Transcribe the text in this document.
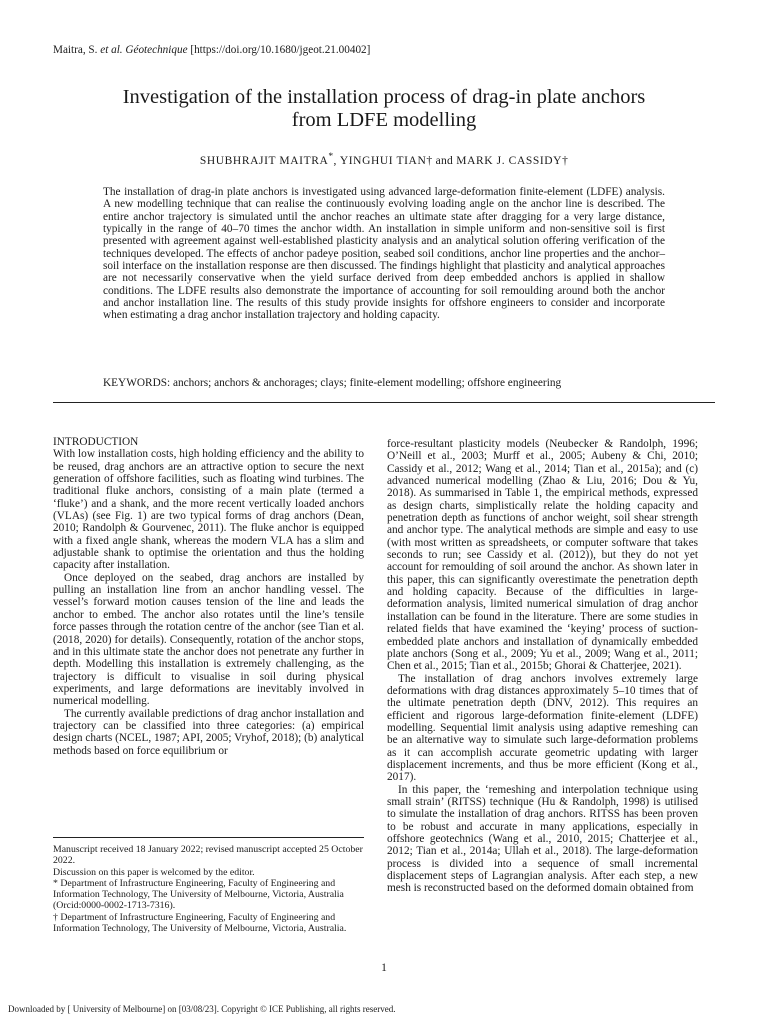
Maitra, S. et al. Géotechnique [https://doi.org/10.1680/jgeot.21.00402]
Investigation of the installation process of drag-in plate anchors
from LDFE modelling
SHUBHRAJIT MAITRA*, YINGHUI TIAN† and MARK J. CASSIDY†
The installation of drag-in plate anchors is investigated using advanced large-deformation finite-element (LDFE) analysis. A new modelling technique that can realise the continuously evolving loading angle on the anchor line is described. The entire anchor trajectory is simulated until the anchor reaches an ultimate state after dragging for a very large distance, typically in the range of 40–70 times the anchor width. An installation in simple uniform and non-sensitive soil is first presented with agreement against well-established plasticity analysis and an analytical solution offering verification of the techniques developed. The effects of anchor padeye position, seabed soil conditions, anchor line properties and the anchor–soil interface on the installation response are then discussed. The findings highlight that plasticity and analytical approaches are not necessarily conservative when the yield surface derived from deep embedded anchors is applied in shallow conditions. The LDFE results also demonstrate the importance of accounting for soil remoulding around both the anchor and anchor installation line. The results of this study provide insights for offshore engineers to consider and incorporate when estimating a drag anchor installation trajectory and holding capacity.
KEYWORDS: anchors; anchors & anchorages; clays; finite-element modelling; offshore engineering
INTRODUCTION

With low installation costs, high holding efficiency and the ability to be reused, drag anchors are an attractive option to secure the next generation of offshore facilities, such as floating wind turbines. The traditional fluke anchors, consisting of a main plate (termed a ‘fluke’) and a shank, and the more recent vertically loaded anchors (VLAs) (see Fig. 1) are two typical forms of drag anchors (Dean, 2010; Randolph & Gourvenec, 2011). The fluke anchor is equipped with a fixed angle shank, whereas the modern VLA has a slim and adjustable shank to optimise the orientation and thus the holding capacity after installation.

Once deployed on the seabed, drag anchors are installed by pulling an installation line from an anchor handling vessel. The vessel’s forward motion causes tension of the line and leads the anchor to embed. The anchor also rotates until the line’s tensile force passes through the rotation centre of the anchor (see Tian et al. (2018, 2020) for details). Consequently, rotation of the anchor stops, and in this ultimate state the anchor does not penetrate any further in depth. Modelling this installation is extremely challenging, as the trajectory is difficult to visualise in soil during physical experiments, and large deformations are inevitably involved in numerical modelling.

The currently available predictions of drag anchor installation and trajectory can be classified into three categories: (a) empirical design charts (NCEL, 1987; API, 2005; Vryhof, 2018); (b) analytical methods based on force equilibrium or

Manuscript received 18 January 2022; revised manuscript accepted 25 October 2022.
Discussion on this paper is welcomed by the editor.
* Department of Infrastructure Engineering, Faculty of Engineering and Information Technology, The University of Melbourne, Victoria, Australia (Orcid:0000-0002-1713-7316).
† Department of Infrastructure Engineering, Faculty of Engineering and Information Technology, The University of Melbourne, Victoria, Australia.

force-resultant plasticity models (Neubecker & Randolph, 1996; O’Neill et al., 2003; Murff et al., 2005; Aubeny & Chi, 2010; Cassidy et al., 2012; Wang et al., 2014; Tian et al., 2015a); and (c) advanced numerical modelling (Zhao & Liu, 2016; Dou & Yu, 2018). As summarised in Table 1, the empirical methods, expressed as design charts, simplistically relate the holding capacity and penetration depth as functions of anchor weight, soil shear strength and anchor type. The analytical methods are simple and easy to use (with most written as spreadsheets, or computer software that takes seconds to run; see Cassidy et al. (2012)), but they do not yet account for remoulding of soil around the anchor. As shown later in this paper, this can significantly overestimate the penetration depth and holding capacity. Because of the difficulties in large-deformation analysis, limited numerical simulation of drag anchor installation can be found in the literature. There are some studies in related fields that have examined the ‘keying’ process of suction-embedded plate anchors and installation of dynamically embedded plate anchors (Song et al., 2009; Yu et al., 2009; Wang et al., 2011; Chen et al., 2015; Tian et al., 2015b; Ghorai & Chatterjee, 2021).

The installation of drag anchors involves extremely large deformations with drag distances approximately 5–10 times that of the ultimate penetration depth (DNV, 2012). This requires an efficient and rigorous large-deformation finite-element (LDFE) modelling. Sequential limit analysis using adaptive remeshing can be an alternative way to simulate such large-deformation problems as it can accomplish accurate geometric updating with larger displacement increments, and thus be more efficient (Kong et al., 2017).

In this paper, the ‘remeshing and interpolation technique using small strain’ (RITSS) technique (Hu & Randolph, 1998) is utilised to simulate the installation of drag anchors. RITSS has been proven to be robust and accurate in many applications, especially in offshore geotechnics (Wang et al., 2010, 2015; Chatterjee et al., 2012; Tian et al., 2014a; Ullah et al., 2018). The large-deformation process is divided into a sequence of small incremental displacement steps of Lagrangian analysis. After each step, a new mesh is reconstructed based on the deformed domain obtained from

1
Downloaded by [ University of Melbourne] on [03/08/23]. Copyright © ICE Publishing, all rights reserved.
